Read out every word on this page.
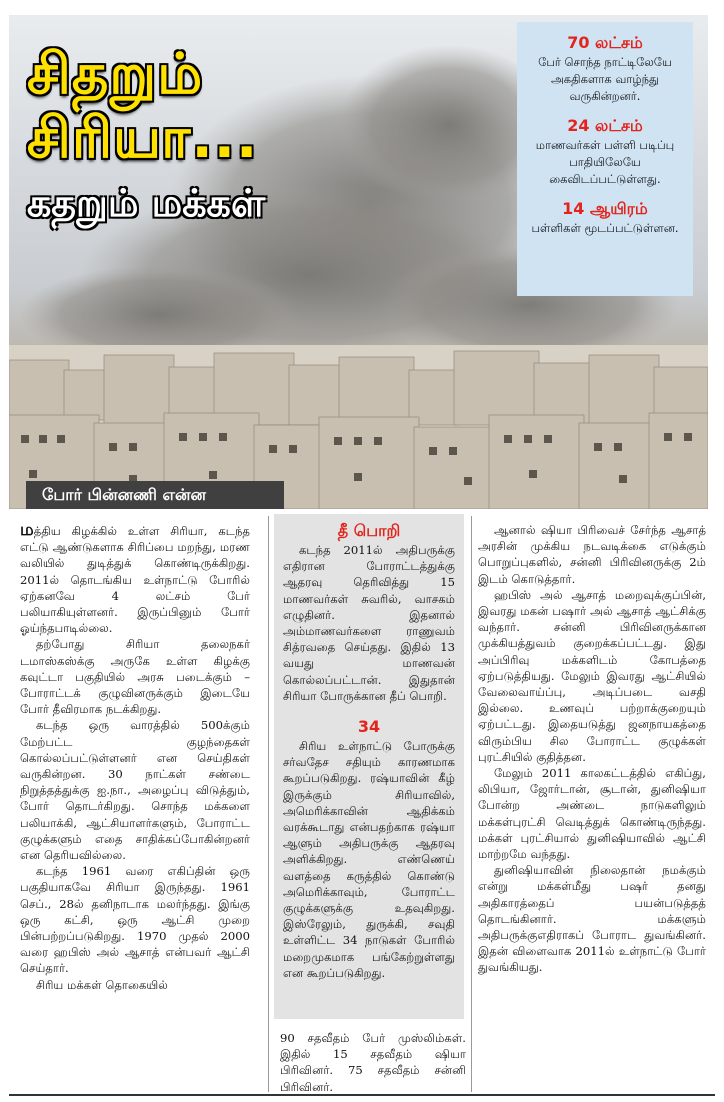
சிதறும்
சிரியா...
கதறும் மக்கள்
70 லட்சம்
பேர் சொந்த நாட்டிலேயே அகதிகளாக வாழ்ந்து வருகின்றனர்.
24 லட்சம்
மாணவர்கள் பள்ளி படிப்பு பாதியிலேயே கைவிடப்பட்டுள்ளது.
14 ஆயிரம்
பள்ளிகள் மூடப்பட்டுள்ளன.
போர் பின்னணி என்ன

மத்திய கிழக்கில் உள்ள சிரியா, கடந்த எட்டு ஆண்டுகளாக சிரிப்பை மறந்து, மரண வலியில் துடித்துக் கொண்டிருக்கிறது. 2011ல் தொடங்கிய உள்நாட்டு போரில் ஏற்கனவே 4 லட்சம் பேர் பலியாகியுள்ளனர். இருப்பினும் போர் ஓய்ந்தபாடில்லை.

தற்போது சிரியா தலைநகர் டமாஸ்கஸ்க்கு அருகே உள்ள கிழக்கு கவுட்டா பகுதியில் அரசு படைக்கும் – போராட்டக் குழுவினருக்கும் இடையே போர் தீவிரமாக நடக்கிறது.

கடந்த ஒரு வாரத்தில் 500க்கும் மேற்பட்ட குழந்தைகள் கொல்லப்பட்டுள்ளனர் என செய்திகள் வருகின்றன. 30 நாட்கள் சண்டை நிறுத்தத்துக்கு ஐ.நா., அழைப்பு விடுத்தும், போர் தொடர்கிறது. சொந்த மக்களை பலியாக்கி, ஆட்சியாளர்களும், போராட்ட குழுக்களும் எதை சாதிக்கப்போகின்றனர் என தெரியவில்லை.

கடந்த 1961 வரை எகிப்தின் ஒரு பகுதியாகவே சிரியா இருந்தது. 1961 செப்., 28ல் தனிநாடாக மலர்ந்தது. இங்கு ஒரு கட்சி, ஒரு ஆட்சி முறை பின்பற்றப்படுகிறது. 1970 முதல் 2000 வரை ஹபிஸ் அல் ஆசாத் என்பவர் ஆட்சி செய்தார்.

சிரிய மக்கள் தொகையில்

தீ பொறி

கடந்த 2011ல் அதிபருக்கு எதிரான போராட்டத்துக்கு ஆதரவு தெரிவித்து 15 மாணவர்கள் சுவரில், வாசகம் எழுதினர். இதனால் அம்மாணவர்களை ராணுவம் சித்ரவதை செய்தது. இதில் 13 வயது மாணவன் கொல்லப்பட்டான். இதுதான் சிரியா போருக்கான தீப் பொறி.

34

சிரிய உள்நாட்டு போருக்கு சர்வதேச சதியும் காரணமாக கூறப்படுகிறது. ரஷ்யாவின் கீழ் இருக்கும் சிரியாவில், அமெரிக்காவின் ஆதிக்கம் வரக்கூடாது என்பதற்காக ரஷ்யா ஆளும் அதிபருக்கு ஆதரவு அளிக்கிறது. எண்ணெய் வளத்தை கருத்தில் கொண்டு அமெரிக்காவும், போராட்ட குழுக்களுக்கு உதவுகிறது. இஸ்ரேலும், துருக்கி, சவுதி உள்ளிட்ட 34 நாடுகள் போரில் மறைமுகமாக பங்கேற்றுள்ளது என கூறப்படுகிறது.

90 சதவீதம் பேர் முஸ்லிம்கள். இதில் 15 சதவீதம் ஷியா பிரிவினர். 75 சதவீதம் சன்னி பிரிவினர்.

ஆனால் ஷியா பிரிவைச் சேர்ந்த ஆசாத் அரசின் முக்கிய நடவடிக்கை எடுக்கும் பொறுப்புகளில், சன்னி பிரிவினருக்கு 2ம் இடம் கொடுத்தார்.

ஹபிஸ் அல் ஆசாத் மறைவுக்குப்பின், இவரது மகன் பஷார் அல் ஆசாத் ஆட்சிக்கு வந்தார். சன்னி பிரிவினருக்கான முக்கியத்துவம் குறைக்கப்பட்டது. இது அப்பிரிவு மக்களிடம் கோபத்தை ஏற்படுத்தியது. மேலும் இவரது ஆட்சியில் வேலைவாய்ப்பு, அடிப்படை வசதி இல்லை. உணவுப் பற்றாக்குறையும் ஏற்பட்டது. இதையடுத்து ஜனநாயகத்தை விரும்பிய சில போராட்ட குழுக்கள் புரட்சியில் குதித்தன.

மேலும் 2011 காலகட்டத்தில் எகிப்து, லிபியா, ஜோர்டான், சூடான், துனிஷியா போன்ற அண்டை நாடுகளிலும் மக்கள்புரட்சி வெடித்துக் கொண்டிருந்தது. மக்கள் புரட்சியால் துனிஷியாவில் ஆட்சி மாற்றமே வந்தது.

துனிஷியாவின் நிலைதான் நமக்கும் என்று மக்கள்மீது பஷர் தனது அதிகாரத்தைப் பயன்படுத்தத் தொடங்கினார். மக்களும் அதிபருக்குஎதிராகப் போராட துவங்கினர். இதன் விளைவாக 2011ல் உள்நாட்டு போர் துவங்கியது.
